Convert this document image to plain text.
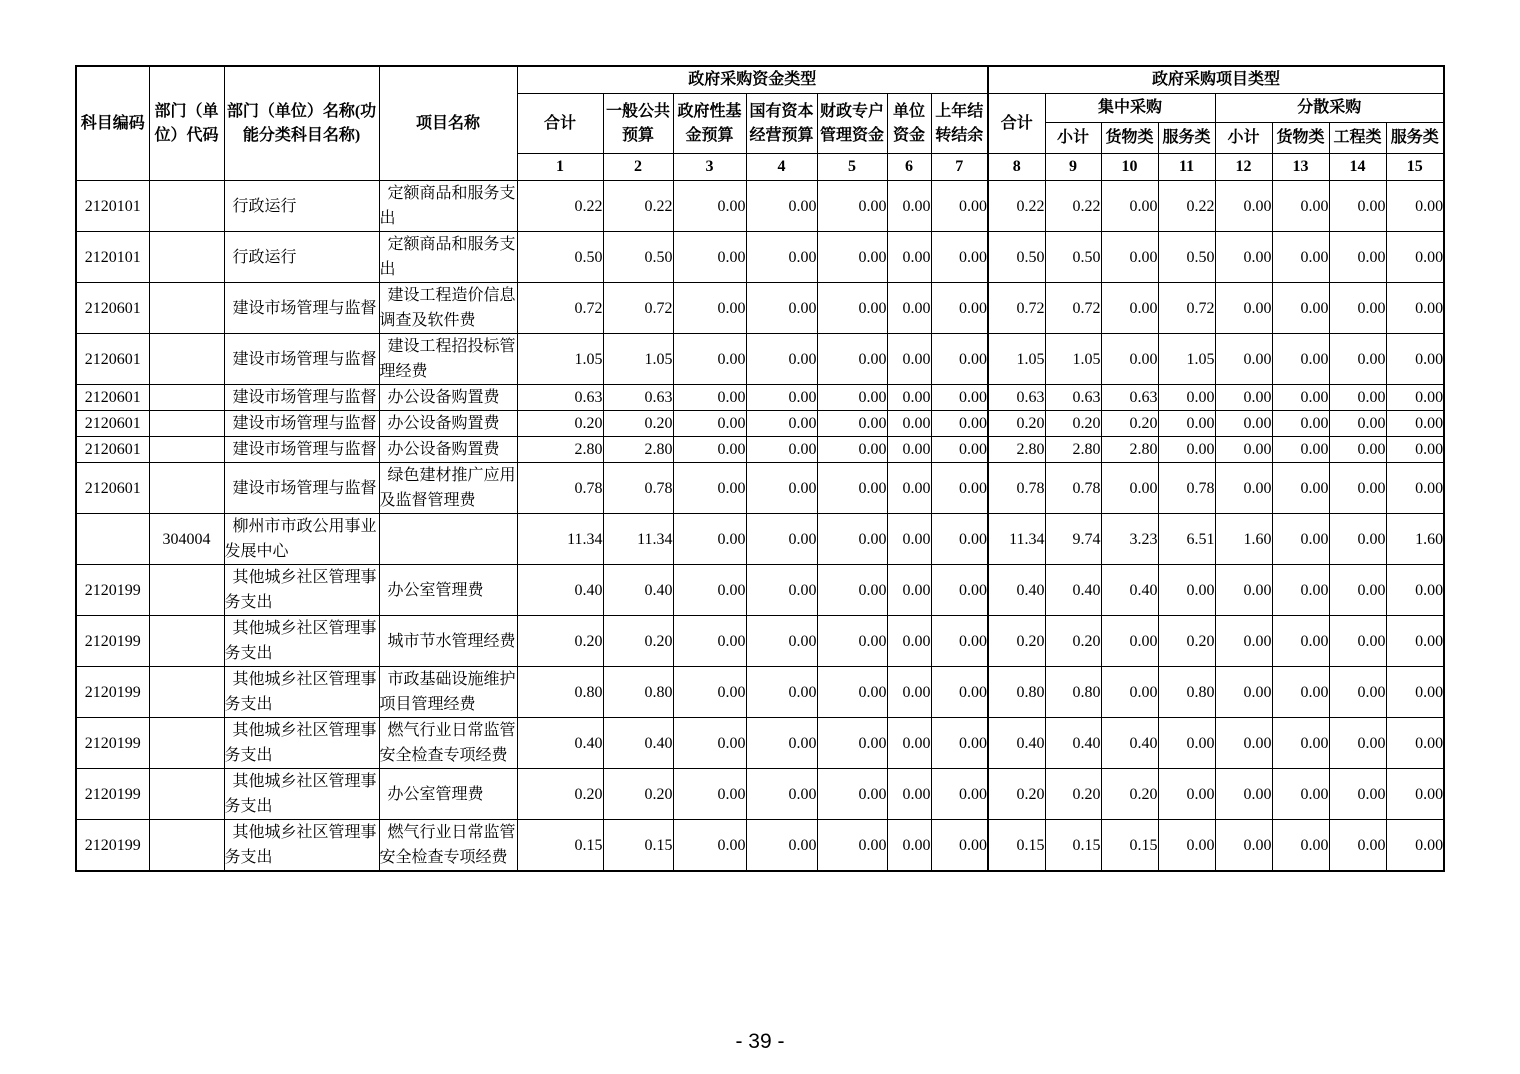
科目编码	部门（单位）代码	部门（单位）名称(功能分类科目名称)	项目名称	政府采购资金类型							政府采购项目类型							
				合计	一般公共预算	政府性基金预算	国有资本经营预算	财政专户管理资金	单位资金	上年结转结余	合计	集中采购			分散采购			
												小计	货物类	服务类	小计	货物类	工程类	服务类
				1	2	3	4	5	6	7	8	9	10	11	12	13	14	15
2120101		行政运行	定额商品和服务支出	0.22	0.22	0.00	0.00	0.00	0.00	0.00	0.22	0.22	0.00	0.22	0.00	0.00	0.00	0.00
2120101		行政运行	定额商品和服务支出	0.50	0.50	0.00	0.00	0.00	0.00	0.00	0.50	0.50	0.00	0.50	0.00	0.00	0.00	0.00
2120601		建设市场管理与监督	建设工程造价信息调查及软件费	0.72	0.72	0.00	0.00	0.00	0.00	0.00	0.72	0.72	0.00	0.72	0.00	0.00	0.00	0.00
2120601		建设市场管理与监督	建设工程招投标管理经费	1.05	1.05	0.00	0.00	0.00	0.00	0.00	1.05	1.05	0.00	1.05	0.00	0.00	0.00	0.00
2120601		建设市场管理与监督	办公设备购置费	0.63	0.63	0.00	0.00	0.00	0.00	0.00	0.63	0.63	0.63	0.00	0.00	0.00	0.00	0.00
2120601		建设市场管理与监督	办公设备购置费	0.20	0.20	0.00	0.00	0.00	0.00	0.00	0.20	0.20	0.20	0.00	0.00	0.00	0.00	0.00
2120601		建设市场管理与监督	办公设备购置费	2.80	2.80	0.00	0.00	0.00	0.00	0.00	2.80	2.80	2.80	0.00	0.00	0.00	0.00	0.00
2120601		建设市场管理与监督	绿色建材推广应用及监督管理费	0.78	0.78	0.00	0.00	0.00	0.00	0.00	0.78	0.78	0.00	0.78	0.00	0.00	0.00	0.00
	304004	柳州市市政公用事业发展中心		11.34	11.34	0.00	0.00	0.00	0.00	0.00	11.34	9.74	3.23	6.51	1.60	0.00	0.00	1.60
2120199		其他城乡社区管理事务支出	办公室管理费	0.40	0.40	0.00	0.00	0.00	0.00	0.00	0.40	0.40	0.40	0.00	0.00	0.00	0.00	0.00
2120199		其他城乡社区管理事务支出	城市节水管理经费	0.20	0.20	0.00	0.00	0.00	0.00	0.00	0.20	0.20	0.00	0.20	0.00	0.00	0.00	0.00
2120199		其他城乡社区管理事务支出	市政基础设施维护项目管理经费	0.80	0.80	0.00	0.00	0.00	0.00	0.00	0.80	0.80	0.00	0.80	0.00	0.00	0.00	0.00
2120199		其他城乡社区管理事务支出	燃气行业日常监管安全检查专项经费	0.40	0.40	0.00	0.00	0.00	0.00	0.00	0.40	0.40	0.40	0.00	0.00	0.00	0.00	0.00
2120199		其他城乡社区管理事务支出	办公室管理费	0.20	0.20	0.00	0.00	0.00	0.00	0.00	0.20	0.20	0.20	0.00	0.00	0.00	0.00	0.00
2120199		其他城乡社区管理事务支出	燃气行业日常监管安全检查专项经费	0.15	0.15	0.00	0.00	0.00	0.00	0.00	0.15	0.15	0.15	0.00	0.00	0.00	0.00	0.00
- 39 -
